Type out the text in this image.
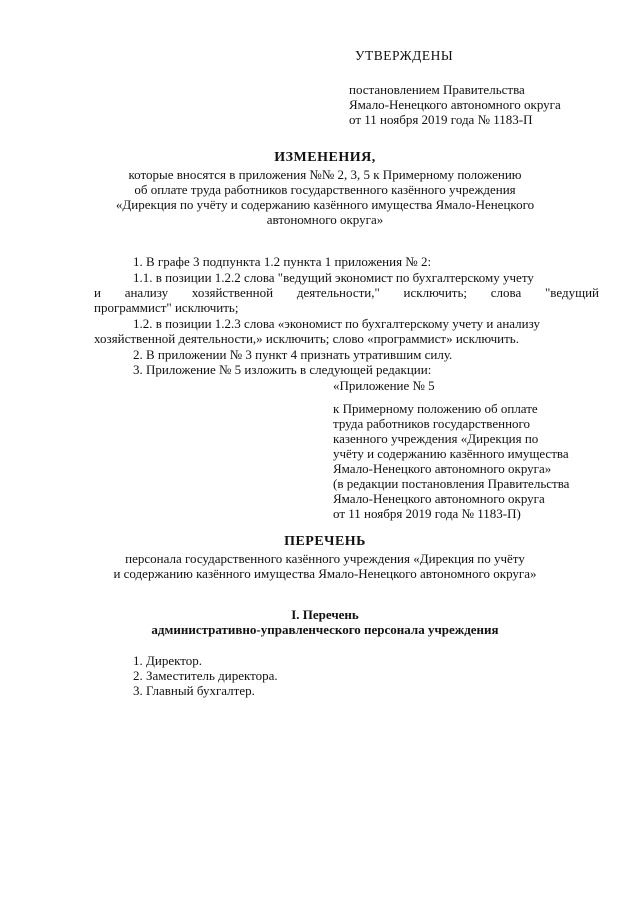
УТВЕРЖДЕНЫ
постановлением Правительства
Ямало-Ненецкого автономного округа
от 11 ноября 2019 года № 1183-П
ИЗМЕНЕНИЯ,
которые вносятся в приложения №№ 2, 3, 5 к Примерному положению
об оплате труда работников государственного казённого учреждения
«Дирекция по учёту и содержанию казённого имущества Ямало-Ненецкого
автономного округа»
1. В графе 3 подпункта 1.2 пункта 1 приложения № 2:
1.1. в позиции 1.2.2 слова "ведущий экономист по бухгалтерскому учету
и анализу хозяйственной деятельности," исключить; слова "ведущий
программист" исключить;
1.2. в позиции 1.2.3 слова «экономист по бухгалтерскому учету и анализу
хозяйственной деятельности,» исключить; слово «программист» исключить.
2. В приложении № 3 пункт 4 признать утратившим силу.
3. Приложение № 5 изложить в следующей редакции:
«Приложение № 5
к Примерному положению об оплате
труда работников государственного
казенного учреждения «Дирекция по
учёту и содержанию казённого имущества
Ямало-Ненецкого автономного округа»
(в редакции постановления Правительства
Ямало-Ненецкого автономного округа
от 11 ноября 2019 года № 1183-П)
ПЕРЕЧЕНЬ
персонала государственного казённого учреждения «Дирекция по учёту
и содержанию казённого имущества Ямало-Ненецкого автономного округа»
I. Перечень
административно-управленческого персонала учреждения
1. Директор.
2. Заместитель директора.
3. Главный бухгалтер.
